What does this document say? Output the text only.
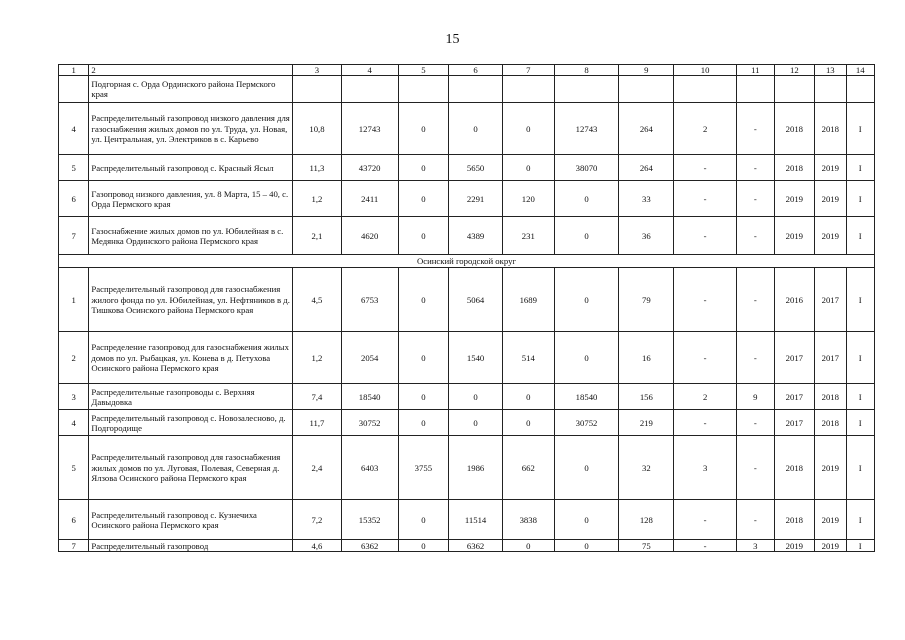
15
1	2	3	4	5	6	7	8	9	10	11	12	13	14
	Подгорная с. Орда Ординского района Пермского края												
4	Распределительный газопровод низкого давления для газоснабжения жилых домов по ул. Труда, ул. Новая, ул. Центральная, ул. Электриков в с. Карьево	10,8	12743	0	0	0	12743	264	2	-	2018	2018	I
5	Распределительный газопровод с. Красный Ясыл	11,3	43720	0	5650	0	38070	264	-	-	2018	2019	I
6	Газопровод низкого давления, ул. 8 Марта, 15 – 40, с. Орда Пермского края	1,2	2411	0	2291	120	0	33	-	-	2019	2019	I
7	Газоснабжение жилых домов по ул. Юбилейная в с. Медянка Ординского района Пермского края	2,1	4620	0	4389	231	0	36	-	-	2019	2019	I
Осинский городской округ													
1	Распределительный газопровод для газоснабжения жилого фонда по ул. Юбилейная, ул. Нефтяников в д. Тишкова Осинского района Пермского края	4,5	6753	0	5064	1689	0	79	-	-	2016	2017	I
2	Распределение газопровод для газоснабжения жилых домов по ул. Рыбацкая, ул. Конева в д. Петухова Осинского района Пермского края	1,2	2054	0	1540	514	0	16	-	-	2017	2017	I
3	Распределительные газопроводы с. Верхняя Давыдовка	7,4	18540	0	0	0	18540	156	2	9	2017	2018	I
4	Распределительный газопровод с. Новозалесново, д. Подгородище	11,7	30752	0	0	0	30752	219	-	-	2017	2018	I
5	Распределительный газопровод для газоснабжения жилых домов по ул. Луговая, Полевая, Северная д. Ялзова Осинского района Пермского края	2,4	6403	3755	1986	662	0	32	3	-	2018	2019	I
6	Распределительный газопровод с. Кузнечиха Осинского района Пермского края	7,2	15352	0	11514	3838	0	128	-	-	2018	2019	I
7	Распределительный газопровод	4,6	6362	0	6362	0	0	75	-	3	2019	2019	I
